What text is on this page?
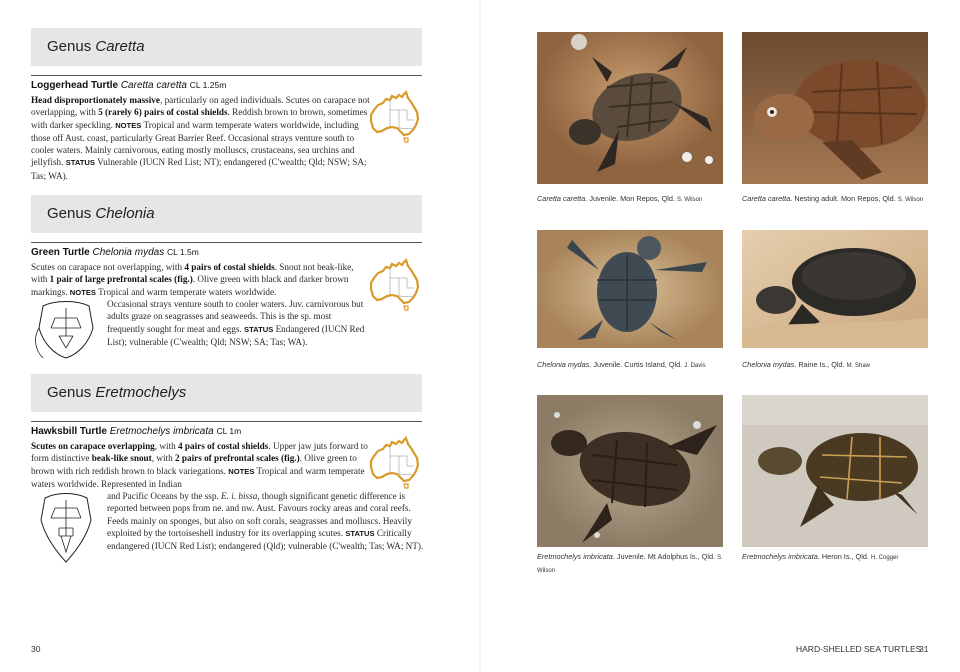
Genus Caretta
Loggerhead Turtle Caretta caretta CL 1.25m

Head disproportionately massive, particularly on aged individuals. Scutes on carapace not overlapping, with 5 (rarely 6) pairs of costal shields. Reddish brown to brown, sometimes with darker speckling. NOTES Tropical and warm temperate waters worldwide, including those off Aust. coast, particularly Great Barrier Reef. Occasional strays venture south to cooler waters. Mainly carnivorous, eating mostly molluscs, crustaceans, sea urchins and jellyfish. STATUS Vulnerable (IUCN Red List; NT); endangered (C'wealth; Qld; NSW; SA; Tas; WA).

Genus Chelonia
Green Turtle Chelonia mydas CL 1.5m

Scutes on carapace not overlapping, with 4 pairs of costal shields. Snout not beak-like, with 1 pair of large prefrontal scales (fig.). Olive green with black and darker brown markings. NOTES Tropical and warm temperate waters worldwide.

Occasional strays venture south to cooler waters. Juv. carnivorous but adults graze on seagrasses and seaweeds. This is the sp. most frequently sought for meat and eggs. STATUS Endangered (IUCN Red List); vulnerable (C'wealth; Qld; NSW; SA; Tas; WA).

Genus Eretmochelys
Hawksbill Turtle Eretmochelys imbricata CL 1m

Scutes on carapace overlapping, with 4 pairs of costal shields. Upper jaw juts forward to form distinctive beak-like snout, with 2 pairs of prefrontal scales (fig.). Olive green to brown with rich reddish brown to black variegations. NOTES Tropical and warm temperate waters worldwide. Represented in Indian

and Pacific Oceans by the ssp. E. i. bissa, though significant genetic difference is reported between pops from ne. and nw. Aust. Favours rocky areas and coral reefs. Feeds mainly on sponges, but also on soft corals, seagrasses and molluscs. Heavily exploited by the tortoiseshell industry for its overlapping scutes. STATUS Critically endangered (IUCN Red List); endangered (Qld); vulnerable (C'wealth; Tas; WA; NT).

30
Caretta caretta. Juvenile. Mon Repos, Qld. S. Wilson	Caretta caretta. Nesting adult. Mon Repos, Qld. S. Wilson
Chelonia mydas. Juvenile. Curtis Island, Qld. J. Davis	Chelonia mydas. Raine Is., Qld. M. Shaw
Eretmochelys imbricata. Juvenile. Mt Adolphus Is., Qld. S. Wilson
Eretmochelys imbricata. Heron Is., Qld. H. Cogger
HARD-SHELLED SEA TURTLES
31
